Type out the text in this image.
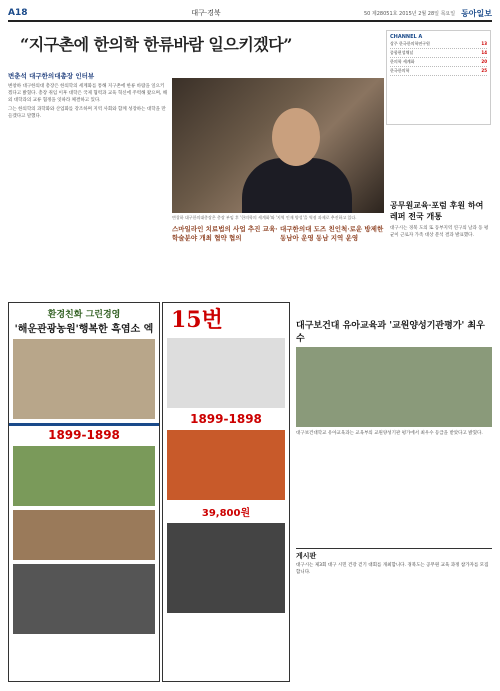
A18	대구·경북	50 제28051호 2015년 2월 28일 목요일 동아일보
“지구촌에 한의학 한류바람 일으키겠다”	CHANNEL A
상주 한국한의학연구원	13
종합편성채널	14
한의학 세계화	20
한국한의학	25

변춘석 대구한의대총장 인터뷰

변창하 대구한의대 총장은 한의학의 세계화를 통해 지구촌에 한류 바람을 일으키겠다고 밝혔다. 총장 취임 이후 대학은 국제 협력과 교육 혁신에 주력해 왔으며, 해외 대학과의 교류 협정을 잇따라 체결하고 있다.

그는 한의학의 과학화와 산업화를 강조하며 지역 사회와 함께 성장하는 대학을 만들겠다고 말했다.

스마일라인 치료법의 사업 추진 교육·학술분야 개최 협약 협의

대구한의대 도즈 친인척·로운 방제한 동남아 운영 동남 지역 운영

변창하 대구한의대총장은 총장 부임 후 '한의학의 세계화'와 '지역 인재 양성'을 역점 과제로 추진하고 있다.
공무원교육·포럼 후원 하여 레퍼 전국 개통
대구시는 경북 도의 또 동부지역 연구의 날과 동 평균이 근로자 가족 대상 분석 결과 발표했다.
환경친화 그린경영
'해운관광농원'행복한 흑염소 엑
1899-1898
15번
1899-1898
39,800원
대구보건대 유아교육과 '교원양성기관평가' 최우수
대구보건대학교 유아교육과는 교육부의 교원양성기관 평가에서 최우수 등급을 받았다고 밝혔다.
게시판
대구시는 제3회 대구 시민 건강 걷기 대회를 개최합니다. 경북도는 공무원 교육 과정 참가자를 모집합니다.
